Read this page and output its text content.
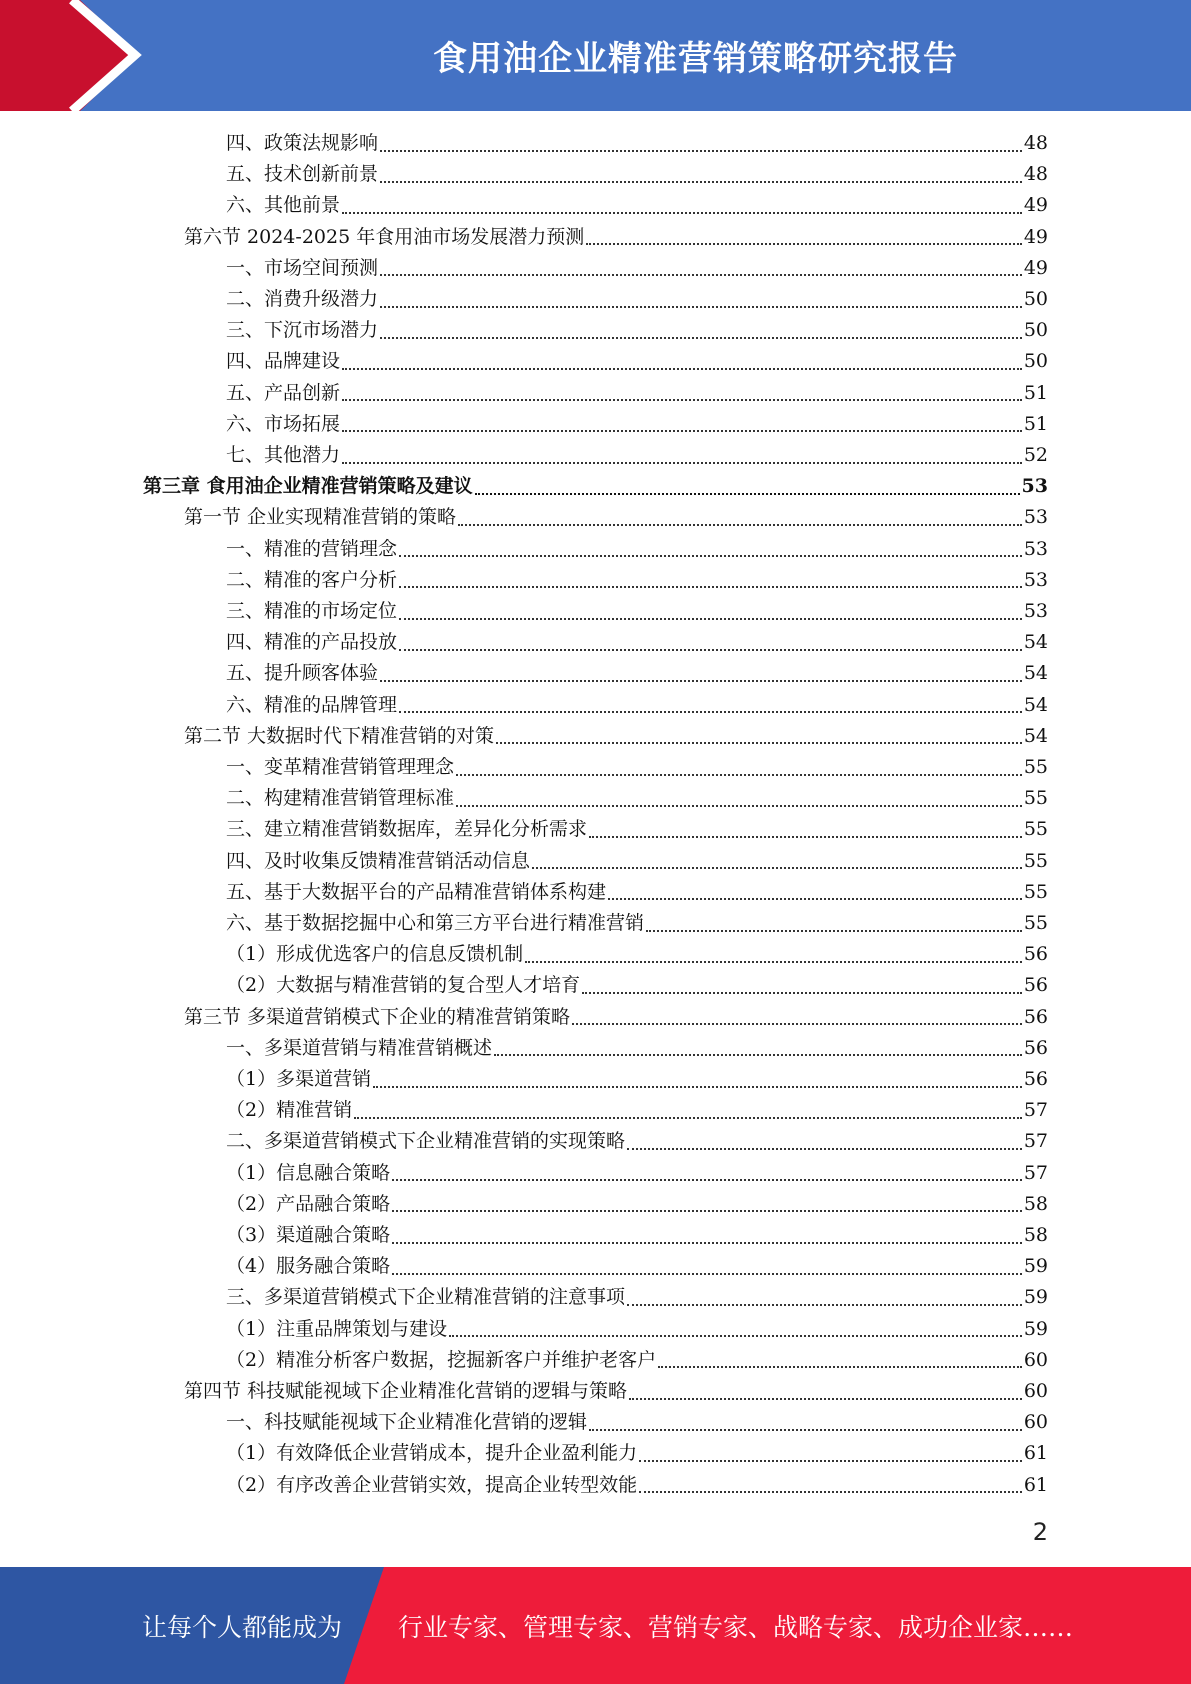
食用油企业精准营销策略研究报告
四、政策法规影响	48
五、技术创新前景	48
六、其他前景	49
第六节 2024-2025 年食用油市场发展潜力预测	49
一、市场空间预测	49
二、消费升级潜力	50
三、下沉市场潜力	50
四、品牌建设	50
五、产品创新	51
六、市场拓展	51
七、其他潜力	52
第三章 食用油企业精准营销策略及建议	53
第一节 企业实现精准营销的策略	53
一、精准的营销理念	53
二、精准的客户分析	53
三、精准的市场定位	53
四、精准的产品投放	54
五、提升顾客体验	54
六、精准的品牌管理	54
第二节 大数据时代下精准营销的对策	54
一、变革精准营销管理理念	55
二、构建精准营销管理标准	55
三、建立精准营销数据库，差异化分析需求	55
四、及时收集反馈精准营销活动信息	55
五、基于大数据平台的产品精准营销体系构建	55
六、基于数据挖掘中心和第三方平台进行精准营销	55
（1）形成优选客户的信息反馈机制	56
（2）大数据与精准营销的复合型人才培育	56
第三节 多渠道营销模式下企业的精准营销策略	56
一、多渠道营销与精准营销概述	56
（1）多渠道营销	56
（2）精准营销	57
二、多渠道营销模式下企业精准营销的实现策略	57
（1）信息融合策略	57
（2）产品融合策略	58
（3）渠道融合策略	58
（4）服务融合策略	59
三、多渠道营销模式下企业精准营销的注意事项	59
（1）注重品牌策划与建设	59
（2）精准分析客户数据，挖掘新客户并维护老客户	60
第四节 科技赋能视域下企业精准化营销的逻辑与策略	60
一、科技赋能视域下企业精准化营销的逻辑	60
（1）有效降低企业营销成本，提升企业盈利能力	61
（2）有序改善企业营销实效，提高企业转型效能	61
2
让每个人都能成为 行业专家、管理专家、营销专家、战略专家、成功企业家……
